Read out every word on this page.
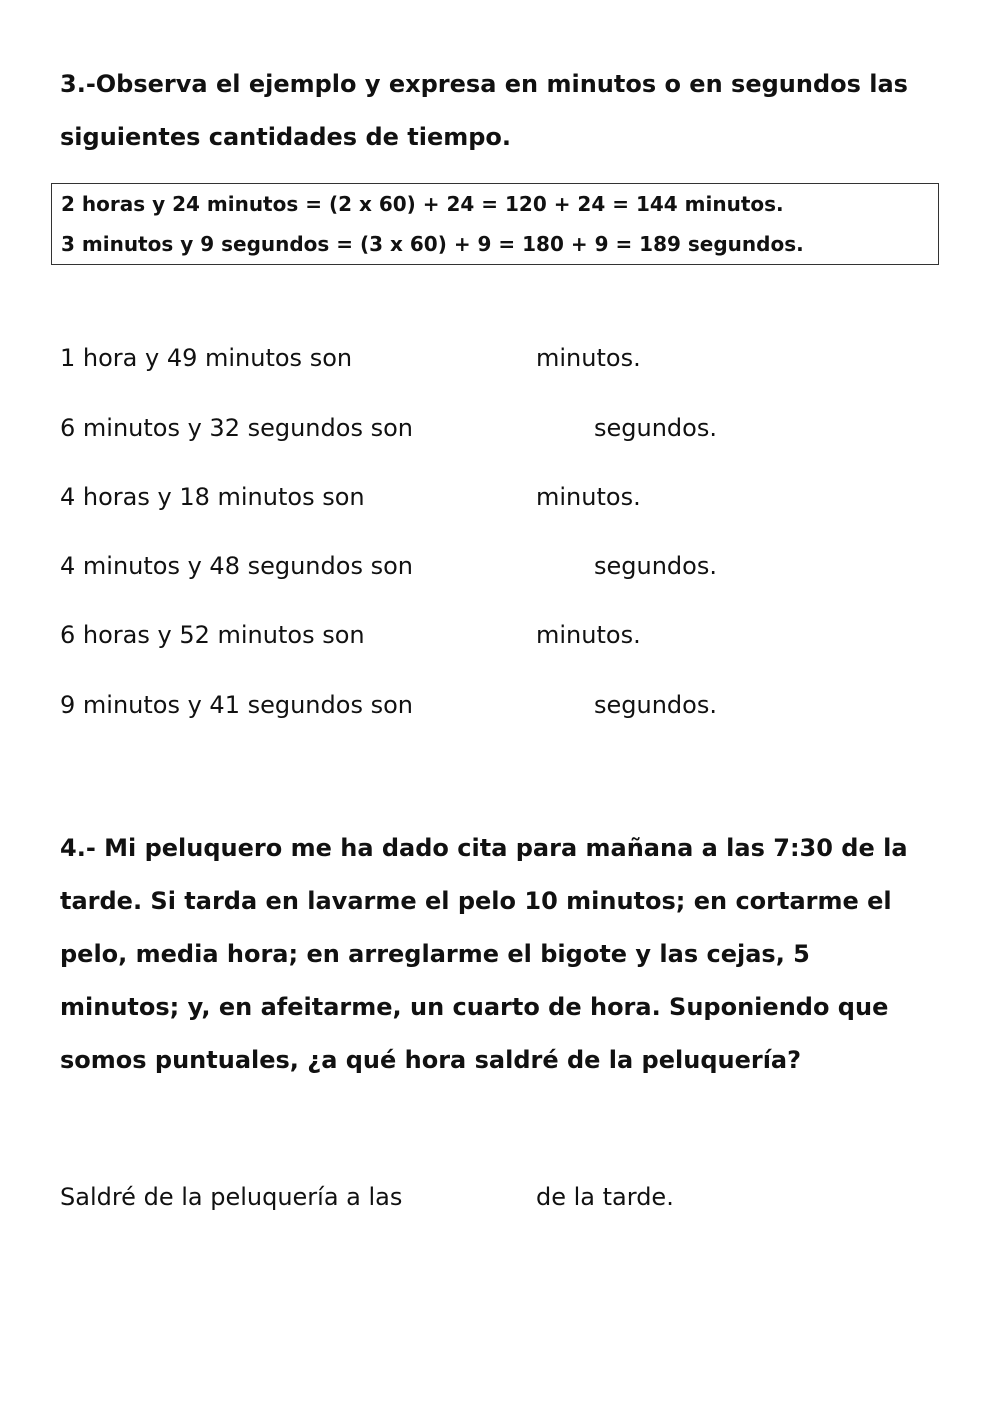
3.-Observa el ejemplo y expresa en minutos o en segundos las siguientes cantidades de tiempo.

2 horas y 24 minutos = (2 x 60) + 24 = 120 + 24 = 144 minutos.
3 minutos y 9 segundos = (3 x 60) + 9 = 180 + 9 = 189 segundos.
1 hora y 49 minutos son	minutos.
6 minutos y 32 segundos son	segundos.
4 horas y 18 minutos son	minutos.
4 minutos y 48 segundos son	segundos.
6 horas y 52 minutos son	minutos.
9 minutos y 41 segundos son	segundos.

4.- Mi peluquero me ha dado cita para mañana a las 7:30 de la tarde. Si tarda en lavarme el pelo 10 minutos; en cortarme el pelo, media hora; en arreglarme el bigote y las cejas, 5 minutos; y, en afeitarme, un cuarto de hora. Suponiendo que somos puntuales, ¿a qué hora saldré de la peluquería?

Saldré de la peluquería a las	de la tarde.
